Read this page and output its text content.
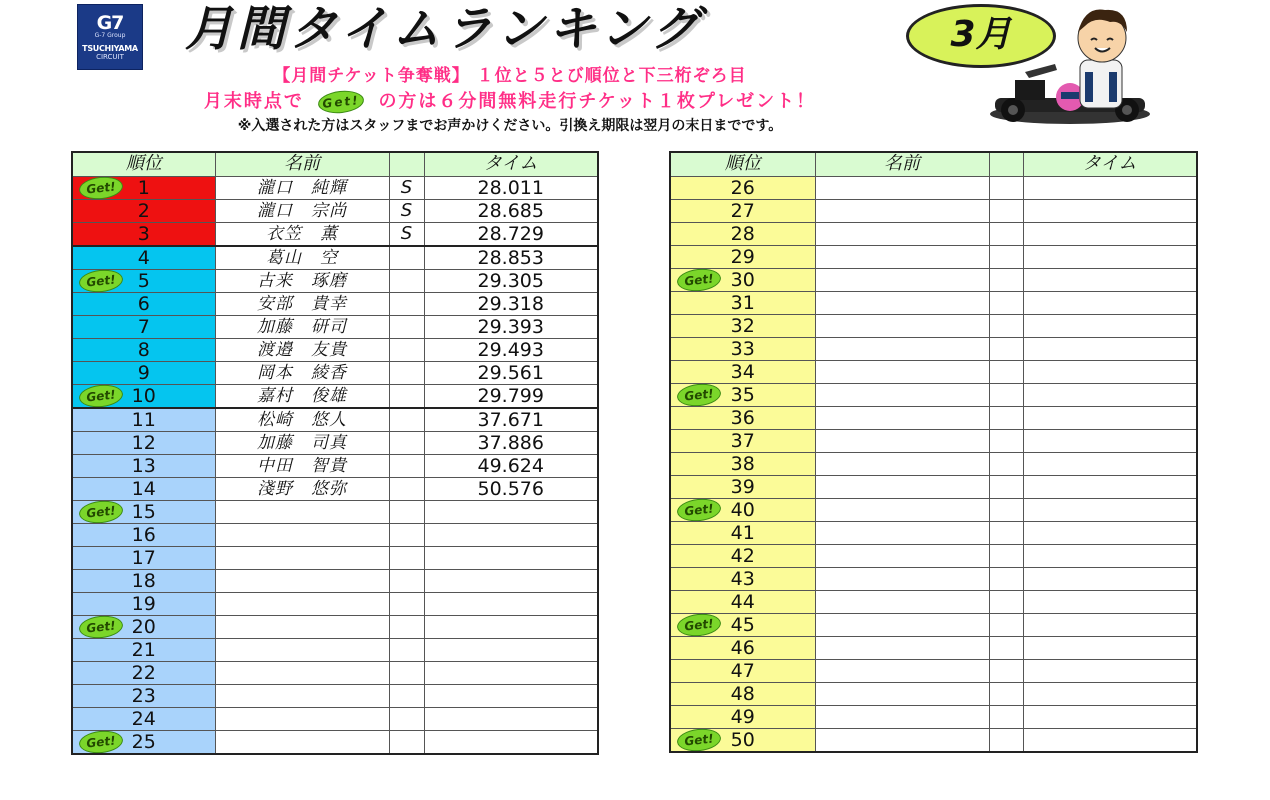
G7
G-7 Group
TSUCHIYAMA
CIRCUIT	月間タイムランキング	3月
【月間チケット争奪戦】 １位と５とび順位と下三桁ぞろ目
月末時点で Get! の方は６分間無料走行チケット１枚プレゼント！
※入選された方はスタッフまでお声かけください。引換え期限は翌月の末日までです。
順位	名前		タイム

Get! 1	瀧口　純輝	S	28.011
2	瀧口　宗尚	S	28.685
3	衣笠　薫	S	28.729
4	葛山　空		28.853

Get! 5	古来　琢磨		29.305
6	安部　貴幸		29.318
7	加藤　研司		29.393
8	渡邉　友貴		29.493
9	岡本　綾香		29.561

Get! 10	嘉村　俊雄		29.799
11	松崎　悠人		37.671
12	加藤　司真		37.886
13	中田　智貴		49.624
14	淺野　悠弥		50.576

Get! 15			
16			
17			
18			
19			

Get! 20			
21			
22			
23			
24			

Get! 25			
順位	名前		タイム
26			
27			
28			
29			

Get! 30			
31			
32			
33			
34			

Get! 35			
36			
37			
38			
39			

Get! 40			
41			
42			
43			
44			

Get! 45			
46			
47			
48			
49			

Get! 50			
